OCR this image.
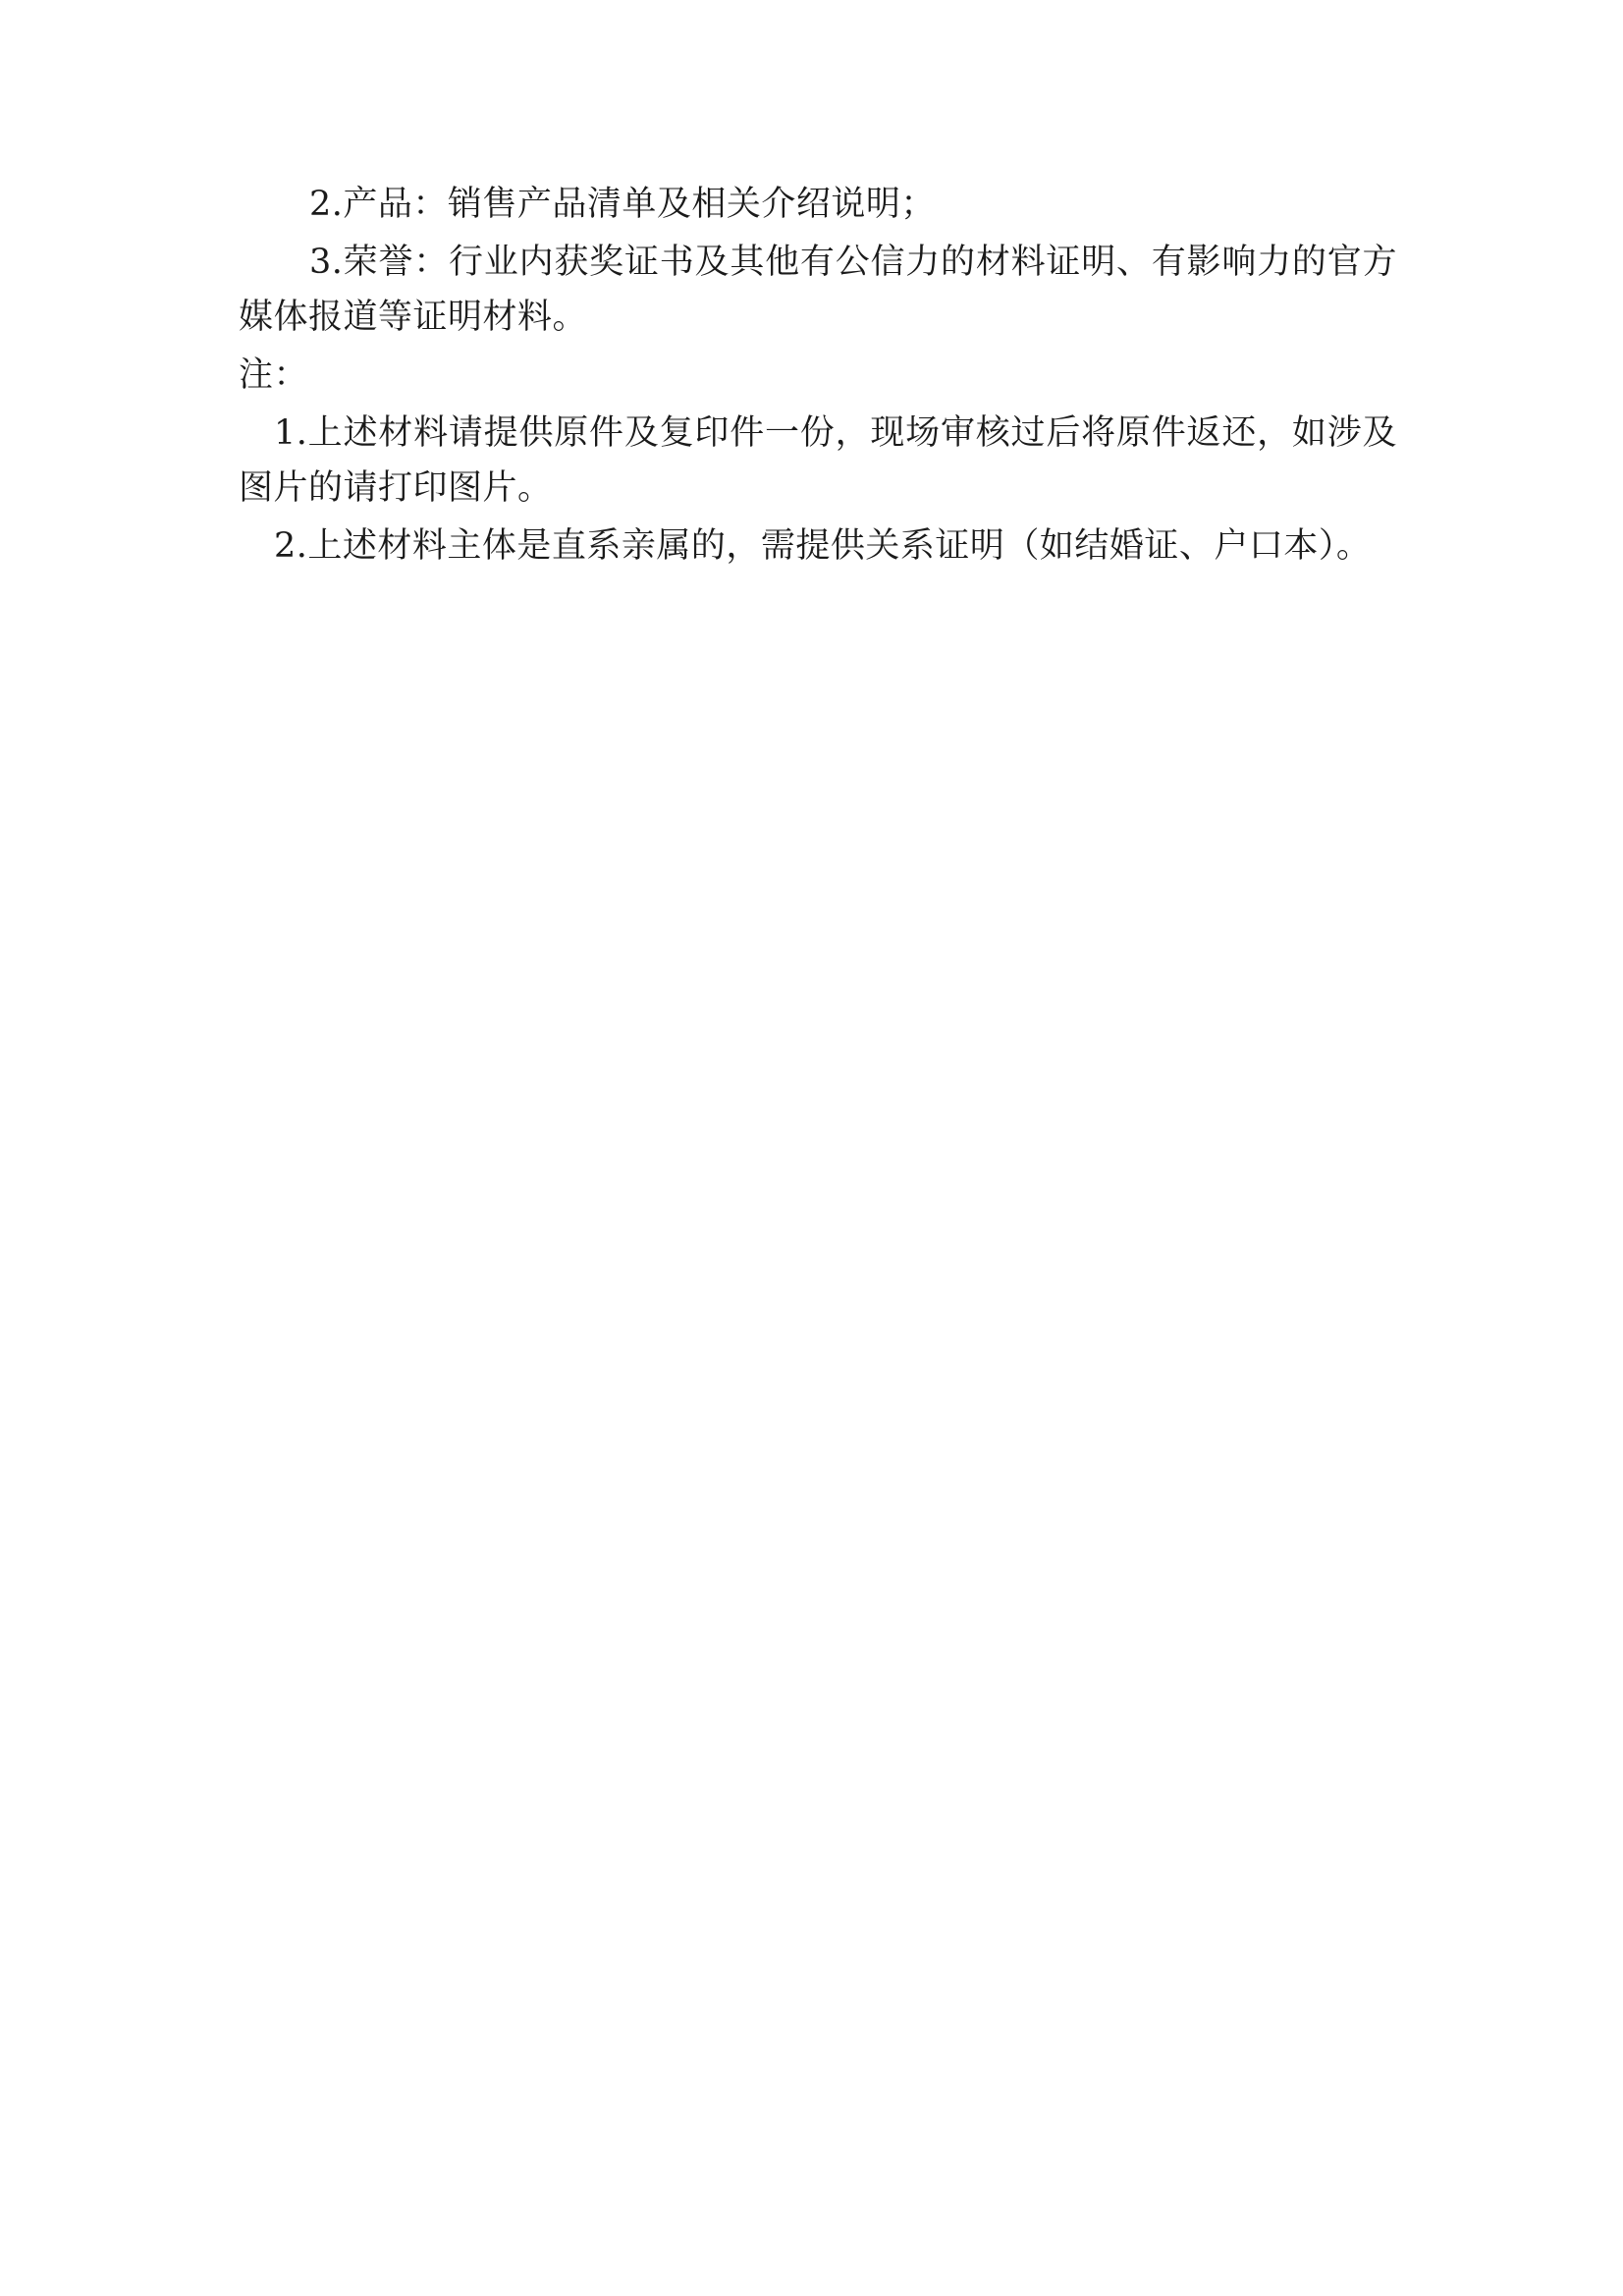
2.产品：销售产品清单及相关介绍说明；

3.荣誉：行业内获奖证书及其他有公信力的材料证明、有影响力的官方媒体报道等证明材料。

注：

1.上述材料请提供原件及复印件一份，现场审核过后将原件返还，如涉及图片的请打印图片。

2.上述材料主体是直系亲属的，需提供关系证明（如结婚证、户口本）。
